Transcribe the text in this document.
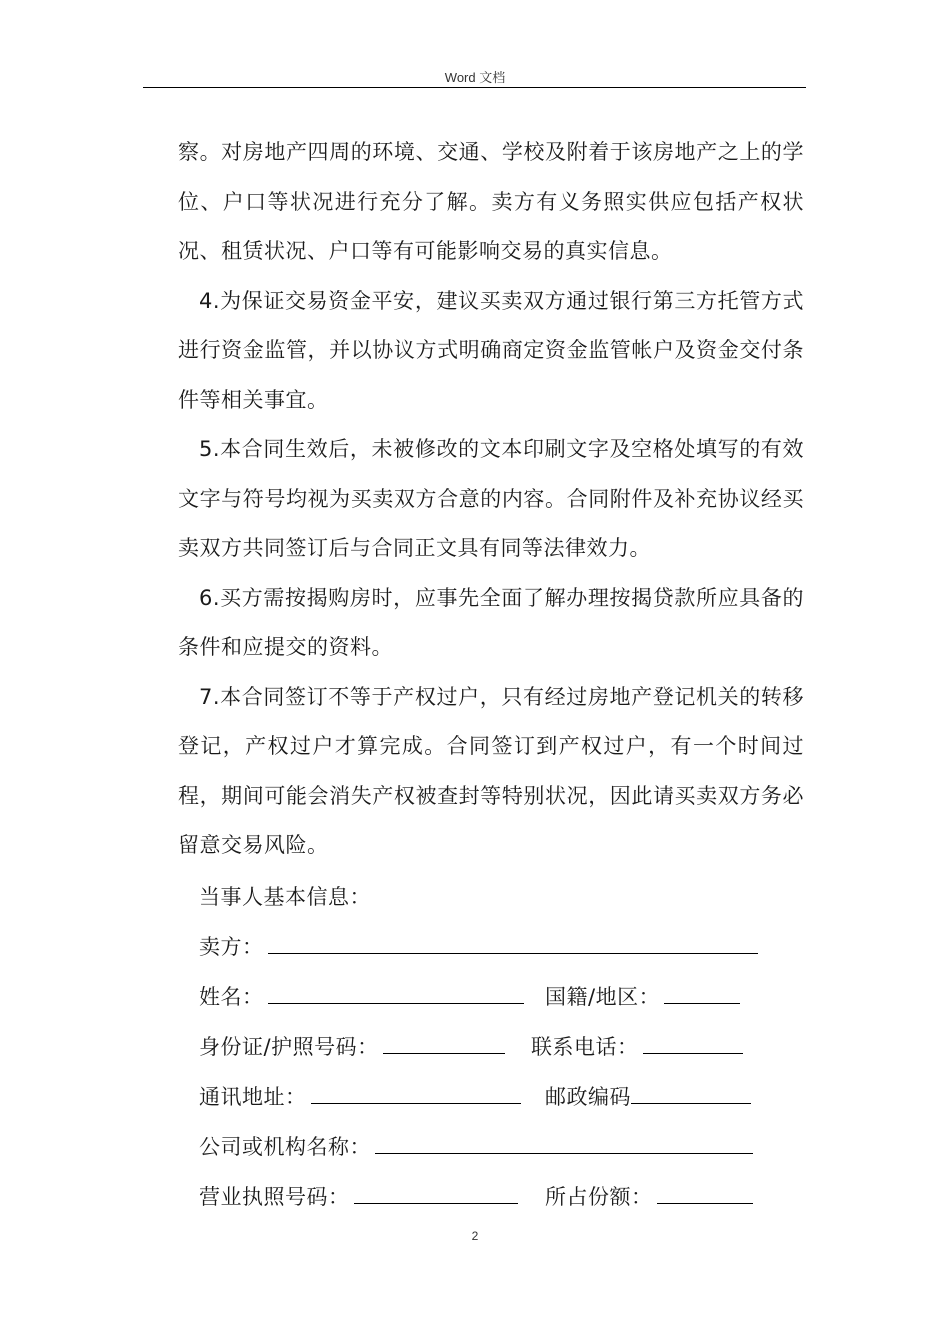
Word 文档

察。对房地产四周的环境、交通、学校及附着于该房地产之上的学位、户口等状况进行充分了解。卖方有义务照实供应包括产权状况、租赁状况、户口等有可能影响交易的真实信息。

4.为保证交易资金平安，建议买卖双方通过银行第三方托管方式进行资金监管，并以协议方式明确商定资金监管帐户及资金交付条件等相关事宜。

5.本合同生效后，未被修改的文本印刷文字及空格处填写的有效文字与符号均视为买卖双方合意的内容。合同附件及补充协议经买卖双方共同签订后与合同正文具有同等法律效力。

6.买方需按揭购房时，应事先全面了解办理按揭贷款所应具备的条件和应提交的资料。

7.本合同签订不等于产权过户，只有经过房地产登记机关的转移登记，产权过户才算完成。合同签订到产权过户，有一个时间过程，期间可能会消失产权被查封等特别状况，因此请买卖双方务必留意交易风险。

当事人基本信息：
卖方：
姓名：	国籍/地区：
身份证/护照号码：	联系电话：
通讯地址：	邮政编码
公司或机构名称：
营业执照号码：	所占份额：
2
